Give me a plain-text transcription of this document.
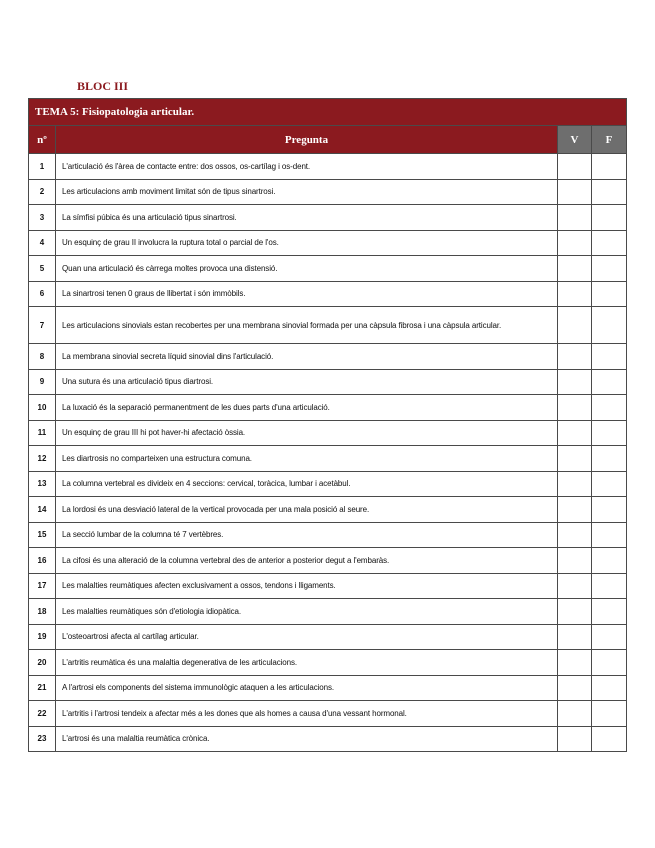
BLOC III
TEMA 5: Fisiopatologia articular.			
nº	Pregunta	V	F
1	L'articulació és l'àrea de contacte entre: dos ossos, os-cartílag i os-dent.		
2	Les articulacions amb moviment limitat són de tipus sinartrosi.		
3	La símfisi púbica és una articulació tipus sinartrosi.		
4	Un esquinç de grau II involucra la ruptura total o parcial de l'os.		
5	Quan una articulació és càrrega moltes provoca una distensió.		
6	La sinartrosi tenen 0 graus de llibertat i són immòbils.		
7	Les articulacions sinovials estan recobertes per una membrana sinovial formada per una càpsula fibrosa i una càpsula articular.		
8	La membrana sinovial secreta líquid sinovial dins l'articulació.		
9	Una sutura és una articulació tipus diartrosi.		
10	La luxació és la separació permanentment de les dues parts d'una articulació.		
11	Un esquinç de grau III hi pot haver-hi afectació òssia.		
12	Les diartrosis no comparteixen una estructura comuna.		
13	La columna vertebral es divideix en 4 seccions: cervical, toràcica, lumbar i acetàbul.		
14	La lordosi és una desviació lateral de la vertical provocada per una mala posició al seure.		
15	La secció lumbar de la columna té 7 vertèbres.		
16	La cifosi és una alteració de la columna vertebral des de anterior a posterior degut a l'embaràs.		
17	Les malalties reumàtiques afecten exclusivament a ossos, tendons i lligaments.		
18	Les malalties reumàtiques són d'etiologia idiopàtica.		
19	L'osteoartrosi afecta al cartílag articular.		
20	L'artritis reumàtica és una malaltia degenerativa de les articulacions.		
21	A l'artrosi els components del sistema immunològic ataquen a les articulacions.		
22	L'artritis i l'artrosi tendeix a afectar més a les dones que als homes a causa d'una vessant hormonal.		
23	L'artrosi és una malaltia reumàtica crònica.		
